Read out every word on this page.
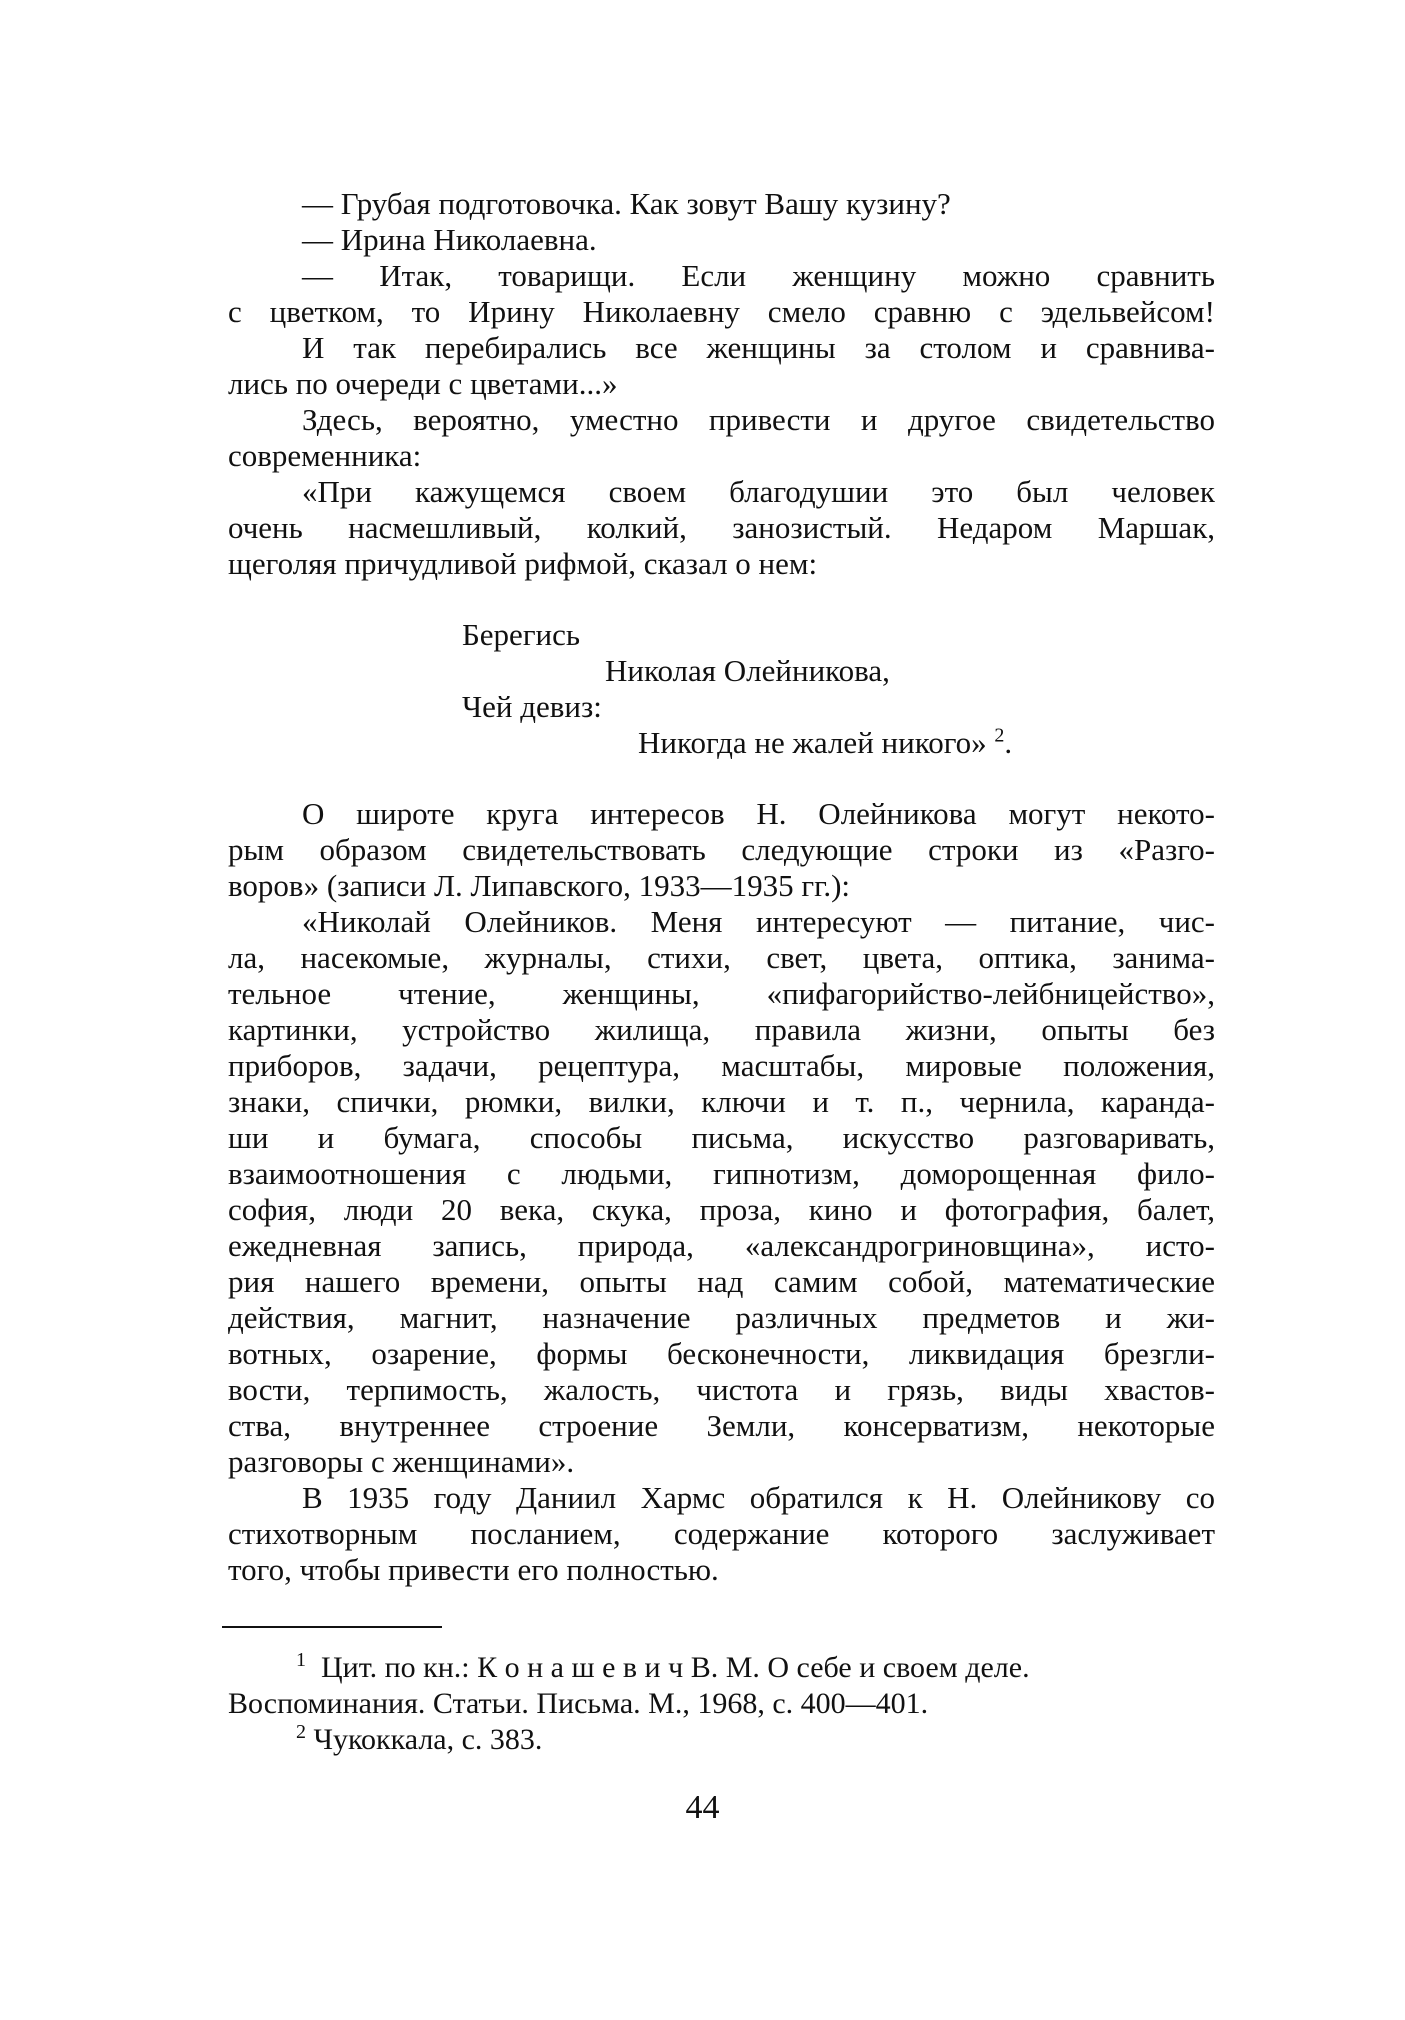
— Грубая подготовочка. Как зовут Вашу кузину?
— Ирина Николаевна.
— Итак, товарищи. Если женщину можно сравнить
с цветком, то Ирину Николаевну смело сравню с эдельвейсом!
И так перебирались все женщины за столом и сравнива-
лись по очереди с цветами...»
Здесь, вероятно, уместно привести и другое свидетельство
современника:
«При кажущемся своем благодушии это был человек
очень насмешливый, колкий, занозистый. Недаром Маршак,
щеголяя причудливой рифмой, сказал о нем:
Берегись
Николая Олейникова,
Чей девиз:
Никогда не жалей никого» $^2$.
О широте круга интересов Н. Олейникова могут некото-
рым образом свидетельствовать следующие строки из «Разго-
воров» (записи Л. Липавского, 1933—1935 гг.):
«Николай Олейников. Меня интересуют — питание, чис-
ла, насекомые, журналы, стихи, свет, цвета, оптика, занима-
тельное чтение, женщины, «пифагорийство-лейбницейство»,
картинки, устройство жилища, правила жизни, опыты без
приборов, задачи, рецептура, масштабы, мировые положения,
знаки, спички, рюмки, вилки, ключи и т. п., чернила, каранда-
ши и бумага, способы письма, искусство разговаривать,
взаимоотношения с людьми, гипнотизм, доморощенная фило-
софия, люди 20 века, скука, проза, кино и фотография, балет,
ежедневная запись, природа, «александрогриновщина», исто-
рия нашего времени, опыты над самим собой, математические
действия, магнит, назначение различных предметов и жи-
вотных, озарение, формы бесконечности, ликвидация брезгли-
вости, терпимость, жалость, чистота и грязь, виды хвастов-
ства, внутреннее строение Земли, консерватизм, некоторые
разговоры с женщинами».
В 1935 году Даниил Хармс обратился к Н. Олейникову со
стихотворным посланием, содержание которого заслуживает
того, чтобы привести его полностью.
$^1$ Цит. по кн.: К о н а ш е в и ч В. М. О себе и своем деле.
Воспоминания. Статьи. Письма. М., 1968, с. 400—401.
$^2$ Чукоккала, с. 383.
44
